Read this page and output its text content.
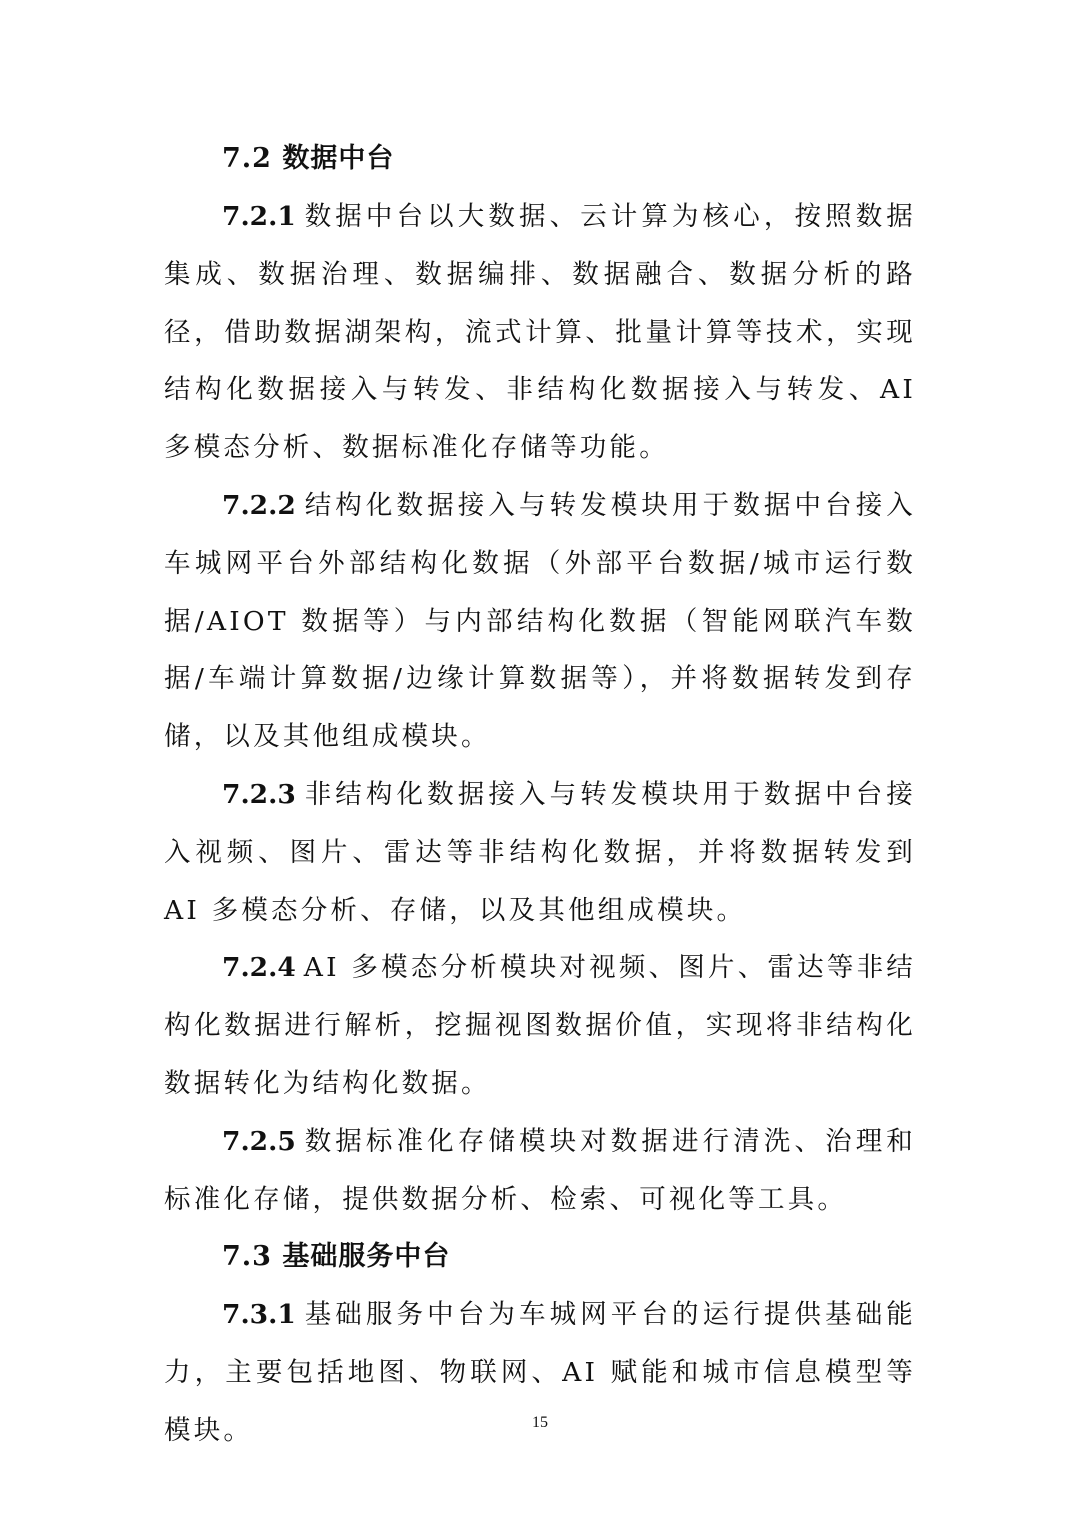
7.2 数据中台

7.2.1 数据中台以大数据、云计算为核心，按照数据集成、数据治理、数据编排、数据融合、数据分析的路径，借助数据湖架构，流式计算、批量计算等技术，实现结构化数据接入与转发、非结构化数据接入与转发、AI 多模态分析、数据标准化存储等功能。

7.2.2 结构化数据接入与转发模块用于数据中台接入车城网平台外部结构化数据（外部平台数据/城市运行数据/AIOT 数据等）与内部结构化数据（智能网联汽车数据/车端计算数据/边缘计算数据等），并将数据转发到存储，以及其他组成模块。

7.2.3 非结构化数据接入与转发模块用于数据中台接入视频、图片、雷达等非结构化数据，并将数据转发到 AI 多模态分析、存储，以及其他组成模块。

7.2.4 AI 多模态分析模块对视频、图片、雷达等非结构化数据进行解析，挖掘视图数据价值，实现将非结构化数据转化为结构化数据。

7.2.5 数据标准化存储模块对数据进行清洗、治理和标准化存储，提供数据分析、检索、可视化等工具。

7.3 基础服务中台

7.3.1 基础服务中台为车城网平台的运行提供基础能力，主要包括地图、物联网、AI 赋能和城市信息模型等模块。	15
